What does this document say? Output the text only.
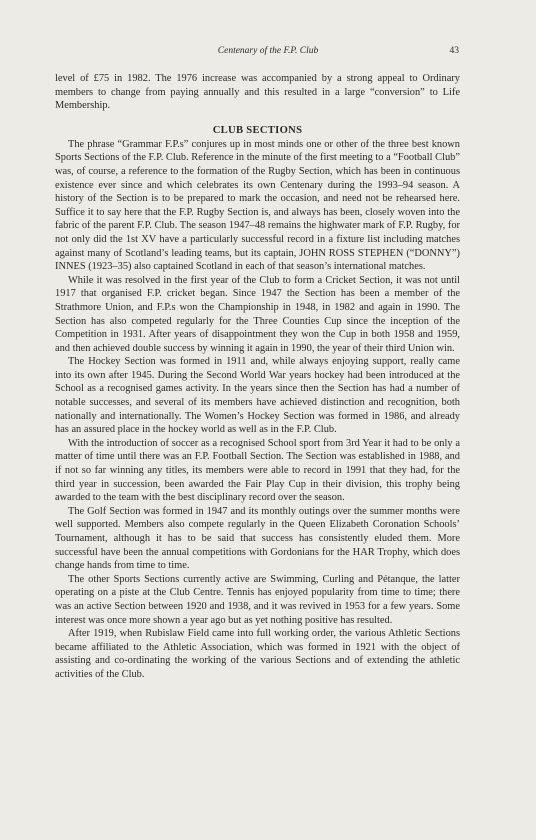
Centenary of the F.P. Club	43

level of £75 in 1982. The 1976 increase was accompanied by a strong appeal to Ordinary members to change from paying annually and this resulted in a large “conversion” to Life Membership.

CLUB SECTIONS

The phrase “Grammar F.P.s” conjures up in most minds one or other of the three best known Sports Sections of the F.P. Club. Reference in the minute of the first meeting to a “Football Club” was, of course, a reference to the formation of the Rugby Section, which has been in continuous existence ever since and which celebrates its own Centenary during the 1993–94 season. A history of the Section is to be prepared to mark the occasion, and need not be rehearsed here. Suffice it to say here that the F.P. Rugby Section is, and always has been, closely woven into the fabric of the parent F.P. Club. The season 1947–48 remains the highwater mark of F.P. Rugby, for not only did the 1st XV have a particularly successful record in a fixture list including matches against many of Scotland’s leading teams, but its captain, JOHN ROSS STEPHEN (“DONNY”) INNES (1923–35) also captained Scotland in each of that season’s international matches.

While it was resolved in the first year of the Club to form a Cricket Section, it was not until 1917 that organised F.P. cricket began. Since 1947 the Section has been a member of the Strathmore Union, and F.P.s won the Championship in 1948, in 1982 and again in 1990. The Section has also competed regularly for the Three Counties Cup since the inception of the Competition in 1931. After years of disappointment they won the Cup in both 1958 and 1959, and then achieved double success by winning it again in 1990, the year of their third Union win.

The Hockey Section was formed in 1911 and, while always enjoying support, really came into its own after 1945. During the Second World War years hockey had been introduced at the School as a recognised games activity. In the years since then the Section has had a number of notable successes, and several of its members have achieved distinction and recognition, both nationally and internationally. The Women’s Hockey Section was formed in 1986, and already has an assured place in the hockey world as well as in the F.P. Club.

With the introduction of soccer as a recognised School sport from 3rd Year it had to be only a matter of time until there was an F.P. Football Section. The Section was established in 1988, and if not so far winning any titles, its members were able to record in 1991 that they had, for the third year in succession, been awarded the Fair Play Cup in their division, this trophy being awarded to the team with the best disciplinary record over the season.

The Golf Section was formed in 1947 and its monthly outings over the summer months were well supported. Members also compete regularly in the Queen Elizabeth Coronation Schools’ Tournament, although it has to be said that success has consistently eluded them. More successful have been the annual competitions with Gordonians for the HAR Trophy, which does change hands from time to time.

The other Sports Sections currently active are Swimming, Curling and Pétanque, the latter operating on a piste at the Club Centre. Tennis has enjoyed popularity from time to time; there was an active Section between 1920 and 1938, and it was revived in 1953 for a few years. Some interest was once more shown a year ago but as yet nothing positive has resulted.

After 1919, when Rubislaw Field came into full working order, the various Athletic Sections became affiliated to the Athletic Association, which was formed in 1921 with the object of assisting and co-ordinating the working of the various Sections and of extending the athletic activities of the Club.
